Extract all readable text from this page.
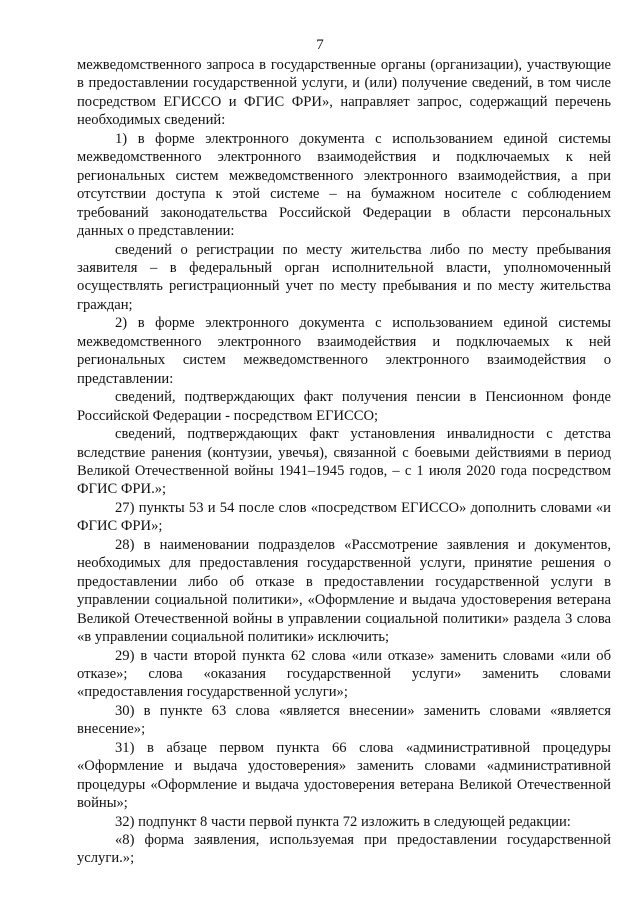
7

межведомственного запроса в государственные органы (организации), участвующие в предоставлении государственной услуги, и (или) получение сведений, в том числе посредством ЕГИССО и ФГИС ФРИ», направляет запрос, содержащий перечень необходимых сведений:

1) в форме электронного документа с использованием единой системы межведомственного электронного взаимодействия и подключаемых к ней региональных систем межведомственного электронного взаимодействия, а при отсутствии доступа к этой системе – на бумажном носителе с соблюдением требований законодательства Российской Федерации в области персональных данных о представлении:

сведений о регистрации по месту жительства либо по месту пребывания заявителя – в федеральный орган исполнительной власти, уполномоченный осуществлять регистрационный учет по месту пребывания и по месту жительства граждан;

2) в форме электронного документа с использованием единой системы межведомственного электронного взаимодействия и подключаемых к ней региональных систем межведомственного электронного взаимодействия о представлении:

сведений, подтверждающих факт получения пенсии в Пенсионном фонде Российской Федерации - посредством ЕГИССО;

сведений, подтверждающих факт установления инвалидности с детства вследствие ранения (контузии, увечья), связанной с боевыми действиями в период Великой Отечественной войны 1941–1945 годов, – с 1 июля 2020 года посредством ФГИС ФРИ.»;

27) пункты 53 и 54 после слов «посредством ЕГИССО» дополнить словами «и ФГИС ФРИ»;

28) в наименовании подразделов «Рассмотрение заявления и документов, необходимых для предоставления государственной услуги, принятие решения о предоставлении либо об отказе в предоставлении государственной услуги в управлении социальной политики», «Оформление и выдача удостоверения ветерана Великой Отечественной войны в управлении социальной политики» раздела 3 слова «в управлении социальной политики» исключить;

29) в части второй пункта 62 слова «или отказе» заменить словами «или об отказе»; слова «оказания государственной услуги» заменить словами «предоставления государственной услуги»;

30) в пункте 63 слова «является внесении» заменить словами «является внесение»;

31) в абзаце первом пункта 66 слова «административной процедуры «Оформление и выдача удостоверения» заменить словами «административной процедуры «Оформление и выдача удостоверения ветерана Великой Отечественной войны»;

32) подпункт 8 части первой пункта 72 изложить в следующей редакции:

«8) форма заявления, используемая при предоставлении государственной услуги.»;
